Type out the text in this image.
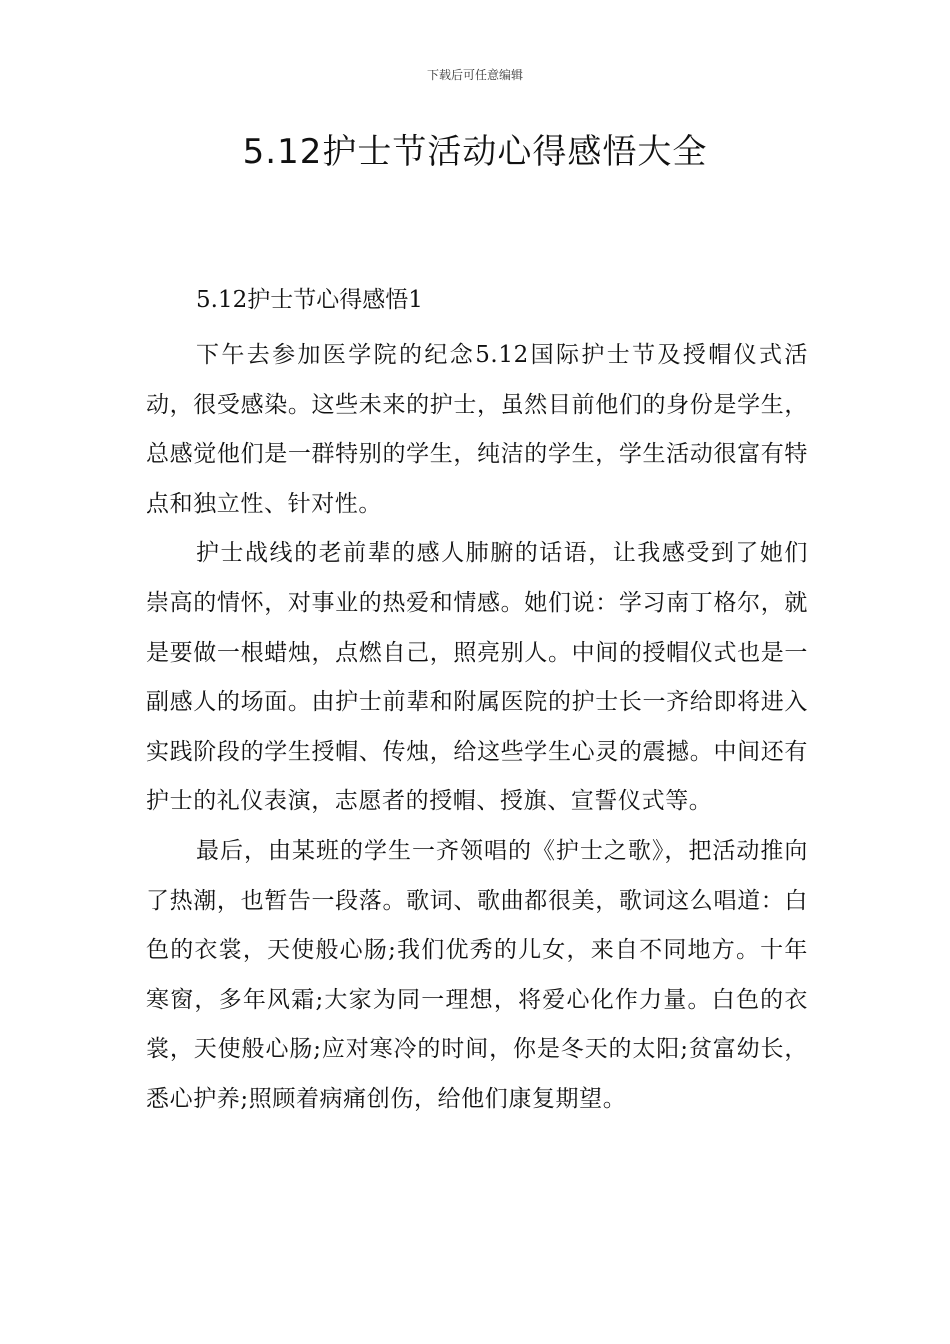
下载后可任意编辑
5.12护士节活动心得感悟大全

5.12护士节心得感悟1

下午去参加医学院的纪念5.12国际护士节及授帽仪式活动，很受感染。这些未来的护士，虽然目前他们的身份是学生，总感觉他们是一群特别的学生，纯洁的学生，学生活动很富有特点和独立性、针对性。

护士战线的老前辈的感人肺腑的话语，让我感受到了她们崇高的情怀，对事业的热爱和情感。她们说：学习南丁格尔，就是要做一根蜡烛，点燃自己，照亮别人。中间的授帽仪式也是一副感人的场面。由护士前辈和附属医院的护士长一齐给即将进入实践阶段的学生授帽、传烛，给这些学生心灵的震撼。中间还有护士的礼仪表演，志愿者的授帽、授旗、宣誓仪式等。

最后，由某班的学生一齐领唱的《护士之歌》，把活动推向了热潮，也暂告一段落。歌词、歌曲都很美，歌词这么唱道：白色的衣裳，天使般心肠;我们优秀的儿女，来自不同地方。十年寒窗，多年风霜;大家为同一理想，将爱心化作力量。白色的衣裳，天使般心肠;应对寒冷的时间，你是冬天的太阳;贫富幼长，悉心护养;照顾着病痛创伤，给他们康复期望。
